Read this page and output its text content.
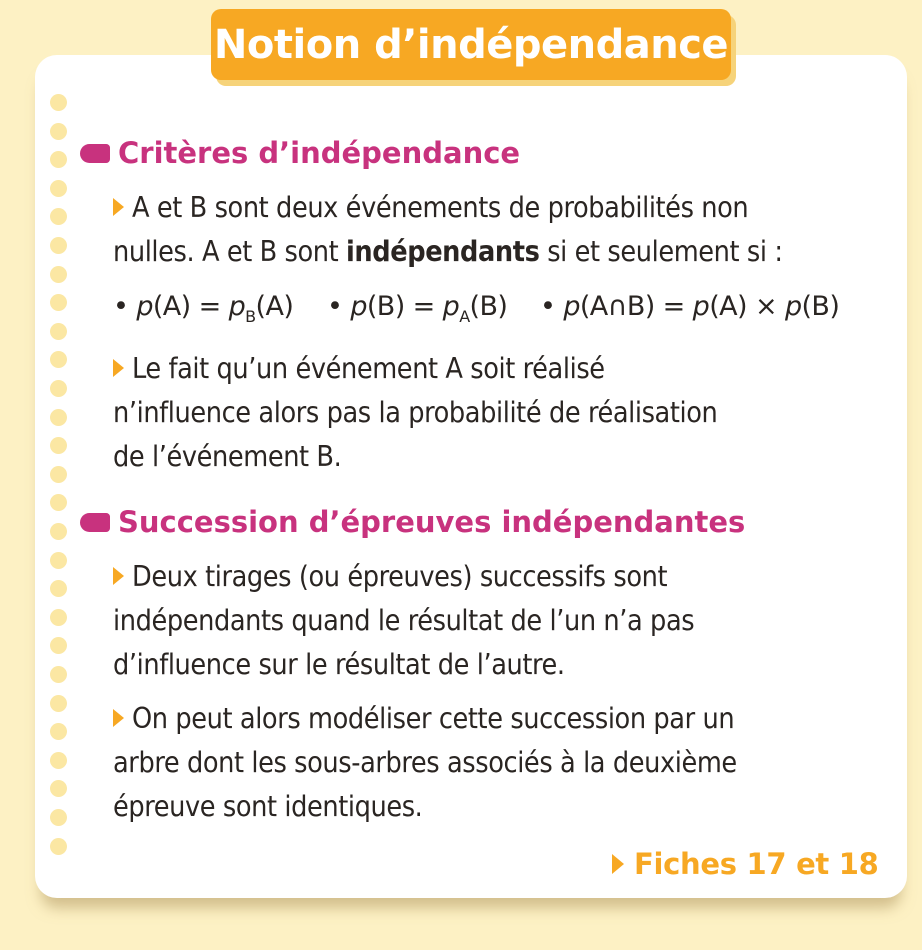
Notion d’indépendance
Critères d’indépendance
A et B sont deux événements de probabilités non
nulles. A et B sont indépendants si et seulement si :
• $p(A) = p_B(A)$ • $p(B) = p_A(B)$ • p(A∩B) = p(A) × p(B)
Le fait qu’un événement A soit réalisé
n’influence alors pas la probabilité de réalisation
de l’événement B.
Succession d’épreuves indépendantes
Deux tirages (ou épreuves) successifs sont
indépendants quand le résultat de l’un n’a pas
d’influence sur le résultat de l’autre.
On peut alors modéliser cette succession par un
arbre dont les sous-arbres associés à la deuxième
épreuve sont identiques.
Fiches 17 et 18
